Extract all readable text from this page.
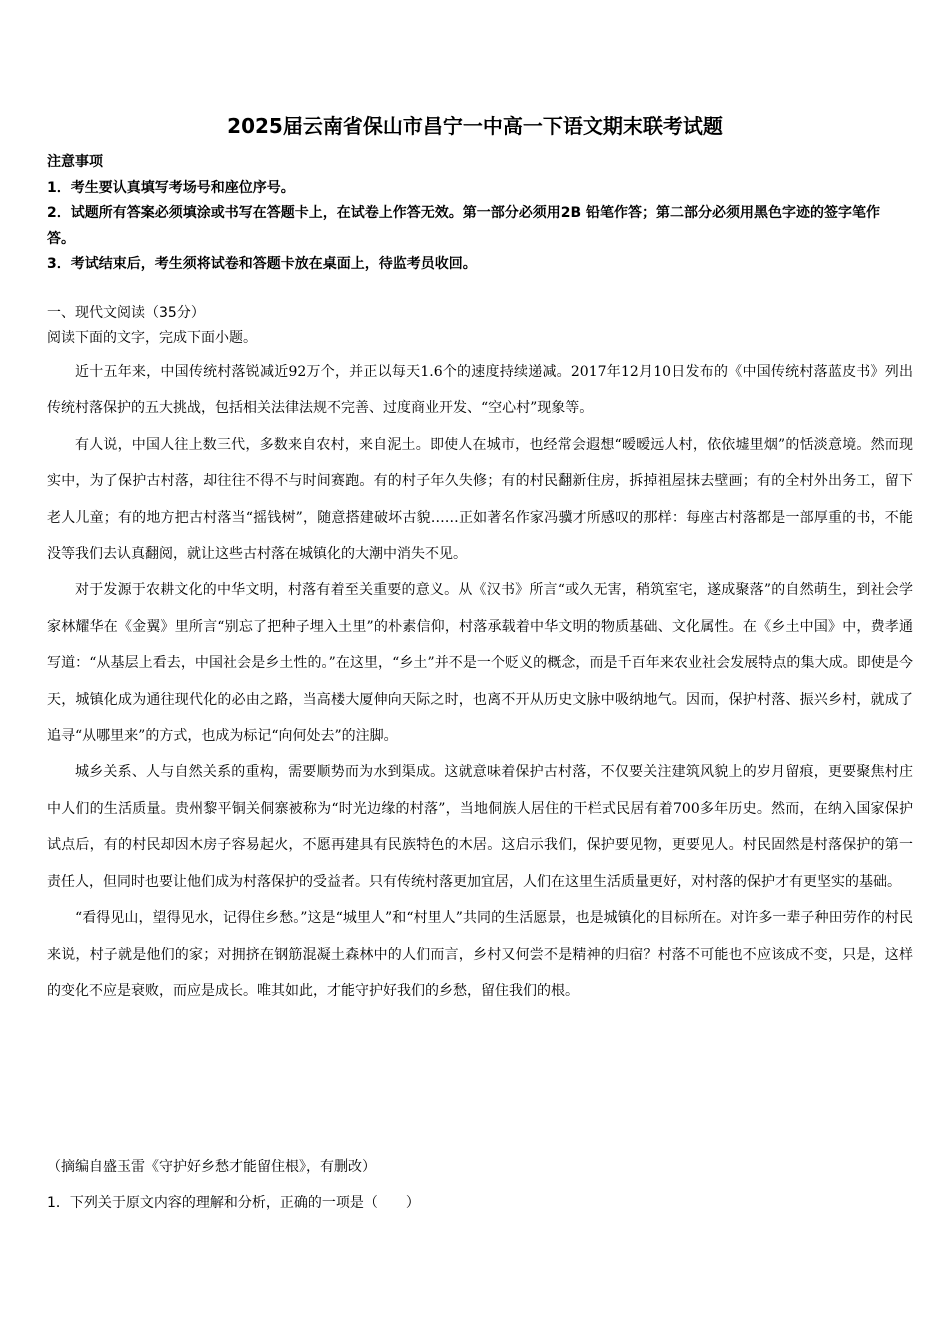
2025届云南省保山市昌宁一中高一下语文期末联考试题
注意事项
1．考生要认真填写考场号和座位序号。
2．试题所有答案必须填涂或书写在答题卡上，在试卷上作答无效。第一部分必须用2B 铅笔作答；第二部分必须用黑色字迹的签字笔作答。
3．考试结束后，考生须将试卷和答题卡放在桌面上，待监考员收回。
一、现代文阅读（35分）
阅读下面的文字，完成下面小题。

近十五年来，中国传统村落锐减近92万个，并正以每天1.6个的速度持续递减。2017年12月10日发布的《中国传统村落蓝皮书》列出传统村落保护的五大挑战，包括相关法律法规不完善、过度商业开发、“空心村”现象等。

有人说，中国人往上数三代，多数来自农村，来自泥土。即使人在城市，也经常会遐想“暧暧远人村，依依墟里烟”的恬淡意境。然而现实中，为了保护古村落，却往往不得不与时间赛跑。有的村子年久失修；有的村民翻新住房，拆掉祖屋抹去壁画；有的全村外出务工，留下老人儿童；有的地方把古村落当“摇钱树”，随意搭建破坏古貌……正如著名作家冯骥才所感叹的那样：每座古村落都是一部厚重的书，不能没等我们去认真翻阅，就让这些古村落在城镇化的大潮中消失不见。

对于发源于农耕文化的中华文明，村落有着至关重要的意义。从《汉书》所言“或久无害，稍筑室宅，遂成聚落”的自然萌生，到社会学家林耀华在《金翼》里所言“别忘了把种子埋入土里”的朴素信仰，村落承载着中华文明的物质基础、文化属性。在《乡土中国》中，费孝通写道：“从基层上看去，中国社会是乡土性的。”在这里，“乡土”并不是一个贬义的概念，而是千百年来农业社会发展特点的集大成。即使是今天，城镇化成为通往现代化的必由之路，当高楼大厦伸向天际之时，也离不开从历史文脉中吸纳地气。因而，保护村落、振兴乡村，就成了追寻“从哪里来”的方式，也成为标记“向何处去”的注脚。

城乡关系、人与自然关系的重构，需要顺势而为水到渠成。这就意味着保护古村落，不仅要关注建筑风貌上的岁月留痕，更要聚焦村庄中人们的生活质量。贵州黎平铜关侗寨被称为“时光边缘的村落”，当地侗族人居住的干栏式民居有着700多年历史。然而，在纳入国家保护试点后，有的村民却因木房子容易起火，不愿再建具有民族特色的木居。这启示我们，保护要见物，更要见人。村民固然是村落保护的第一责任人，但同时也要让他们成为村落保护的受益者。只有传统村落更加宜居，人们在这里生活质量更好，对村落的保护才有更坚实的基础。

“看得见山，望得见水，记得住乡愁。”这是“城里人”和“村里人”共同的生活愿景，也是城镇化的目标所在。对许多一辈子种田劳作的村民来说，村子就是他们的家；对拥挤在钢筋混凝土森林中的人们而言，乡村又何尝不是精神的归宿？村落不可能也不应该成不变，只是，这样的变化不应是衰败，而应是成长。唯其如此，才能守护好我们的乡愁，留住我们的根。

（摘编自盛玉雷《守护好乡愁才能留住根》，有删改）
1．下列关于原文内容的理解和分析，正确的一项是（　　）
